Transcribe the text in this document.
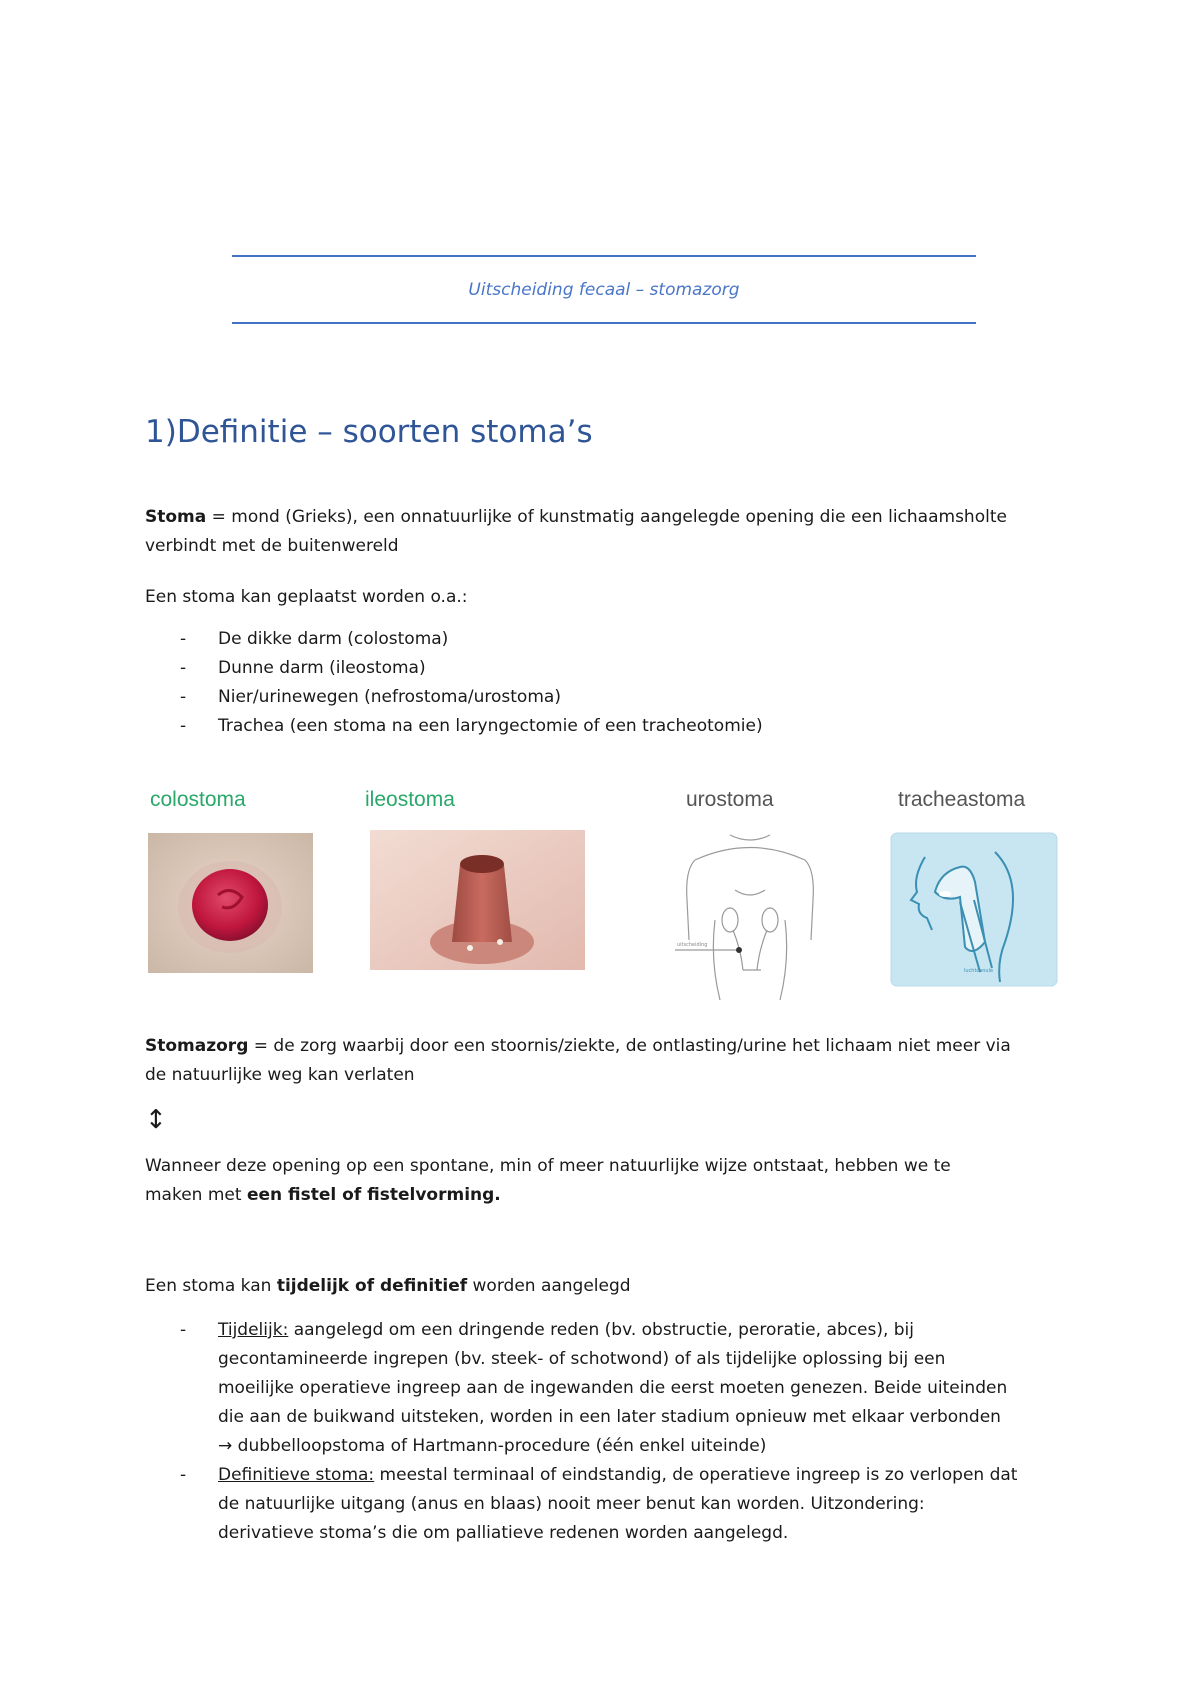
Uitscheiding fecaal – stomazorg
1)Definitie – soorten stoma’s
Stoma = mond (Grieks), een onnatuurlijke of kunstmatig aangelegde opening die een lichaamsholte
verbindt met de buitenwereld
Een stoma kan geplaatst worden o.a.:
- De dikke darm (colostoma)
- Dunne darm (ileostoma)
- Nier/urinewegen (nefrostoma/urostoma)
- Trachea (een stoma na een laryngectomie of een tracheotomie)
colostoma	ileostoma	urostoma
uitscheiding
tracheastoma
luchtcanule
Stomazorg = de zorg waarbij door een stoornis/ziekte, de ontlasting/urine het lichaam niet meer via
de natuurlijke weg kan verlaten
↕
Wanneer deze opening op een spontane, min of meer natuurlijke wijze ontstaat, hebben we te
maken met een fistel of fistelvorming.
Een stoma kan tijdelijk of definitief worden aangelegd
- Tijdelijk: aangelegd om een dringende reden (bv. obstructie, peroratie, abces), bij
gecontamineerde ingrepen (bv. steek- of schotwond) of als tijdelijke oplossing bij een
moeilijke operatieve ingreep aan de ingewanden die eerst moeten genezen. Beide uiteinden
die aan de buikwand uitsteken, worden in een later stadium opnieuw met elkaar verbonden
→ dubbelloopstoma of Hartmann-procedure (één enkel uiteinde)
- Definitieve stoma: meestal terminaal of eindstandig, de operatieve ingreep is zo verlopen dat
de natuurlijke uitgang (anus en blaas) nooit meer benut kan worden. Uitzondering:
derivatieve stoma’s die om palliatieve redenen worden aangelegd.
